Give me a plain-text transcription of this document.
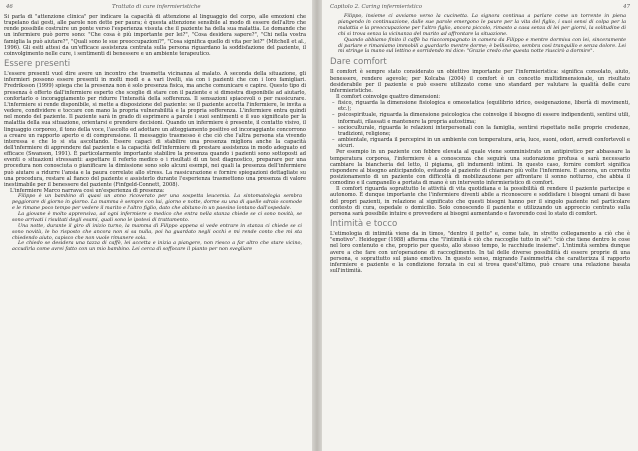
46	Trattato di cure infermieristiche

Si parla di "attenzione clinica" per indicare la capacità di attenzione al linguaggio del corpo, alle emozioni che trapelano dai gesti, alle parole non dette per paura; è questa attenzione sensibile al modo di essere dell'altro che rende possibile costruire un ponte verso l'esperienza vissuta che il paziente ha della sua malattia. Le domande che un infermiere può porre sono: "Che cosa è più importante per lei?", "Cosa desidera sapere?", "Chi nella vostra famiglia la può aiutare?", "Quali sono le sue preoccupazioni?", "Cosa significa quello di vita per lei?" (Mitchell et al., 1996). Gli esiti attesi da un'efficace assistenza centrata sulla persona riguardano la soddisfazione del paziente, il coinvolgimento nelle cure, i sentimenti di benessere e un ambiente terapeutico.

Essere presenti

L'essere presenti vuol dire avere un incontro che trasmetta vicinanza al malato. A seconda della situazione, gli infermieri possono essere presenti in molti modi e a vari livelli, sia con i pazienti che con i loro famigliari. Fredriksson (1999) spiega che la presenza non è solo presenza fisica, ma anche comunicare e capire. Questo tipo di presenza è offerto dall'infermiere esperto che sceglie di stare con il paziente e si dimostra disponibile ad aiutarlo, confortarlo o incoraggiamento per ridurre l'intensità della sofferenza. Il sensazioni spiacevoli o per rassicurare. L'infermiere si rende disponibile, si mette a disposizione del paziente: se il paziente accetta l'infermiere, le invita a vedere, condividere e toccare con mano la propria vulnerabilità e la propria sofferenza. L'infermiere entra quindi nel mondo del paziente. Il paziente sarà in grado di esprimere a parole i suoi sentimenti e il suo significato per la malattia della sua situazione, orientarsi e prendere decisioni. Quando un infermiere è presente, il contatto visivo, il linguaggio corporeo, il tono della voce, l'ascolto ed adottare un atteggiamento positivo ed incoraggiante concorrono a creare un rapporto aperto e di comprensione. Il messaggio trasmesso è che ciò che l'altra persona sta vivendo interessa e che lo si sta ascoltando. Essere capaci di stabilire una presenza migliora anche la capacità dell'infermiere di apprendere dal paziente e la capacità dell'infermiere di prestare assistenza in modo adeguato ed efficace (Swanson, 1991). È particolarmente importante stabilire la presenza quando i pazienti sono sottoposti ad eventi o situazioni stressanti: aspettare il referto medico o i risultati di un test diagnostico, preparare per una procedura non conosciuta o pianificare la dimissione sono solo alcuni esempi, nei quali la presenza dell'infermiere può aiutare a ridurre l'ansia e la paura correlate allo stress. La rassicurazione e fornire spiegazioni dettagliate su una procedura, restare al fianco del paziente e assisterlo durante l'esperienza trasmettono una presenza di valore inestimabile per il benessere del paziente (Finfgeld-Connett, 2008).

L'infermiere Marco narrava così un'esperienza di presenza:

Filippo è un bambino di quasi un anno ricoverato per una sospetta leucemia. La sintomatologia sembra peggiorare di giorno in giorno. La mamma è sempre con lui, giorno e notte, dorme su una di quelle sdraio scomode e le rimane poco tempo per vedere il marito e l'altro figlio, dato che abitano in un paesino lontano dall'ospedale.

La giovane è molto apprensiva, ad ogni infermiere o medico che entra nella stanza chiede se ci sono novità, se sono arrivati i risultati degli esami, quali sono le ipotesi di trattamento.

Una notte, durante il giro di inizio turno, la mamma di Filippo appena si vede entrare in stanza ci chiede se ci sono novità, le ho risposto che ancora non si sa nulla, poi ha guardato negli occhi e mi rende conto che mi sta chiedendo aiuto, capisco che non vuole rimanere sola.

Le chiedo se desidera una tazza di caffè, lei accetta e inizia a piangere, non riesco a far altro che stare vicino, accudirla come avrei fatto con un mio bambino. Lei cerca di soffocare il pianto per non svegliare

Capitolo 2. Caring infermieristico	47

Filippo, insieme ci avviamo verso la cucinetta. La signora continua a parlare come un torrente in piena piangendo in continuazione, dalle sue parole emergono le paure per la vita del figlio, i suoi sensi di colpa per la malattia e la preoccupazione per l'altro figlio, ancora piccolo, rimasto a casa senza di lei per giorni, la solitudine di chi si trova senza la vicinanza del marito ad affrontare la situazione.

Quando abbiamo finito il caffè ha riaccompagnato in camera da Filippo e mentre dormiva con lei, sinceramente di parlare e rimaniamo immobili a guardarlo mentre dorme; è bellissimo, sembra così tranquillo e senza dolore. Lei mi stringe la mano sul lettino e sorridendo mi dice: "Grazie credo che questa notte riuscirò a dormire".

Dare comfort

Il comfort è sempre stato considerato un obiettivo importante per l'infermieristica: significa consolato, aiuto, benessere, rendere agevole; per Kolcaba (2004) il comfort è un concetto multidimensionale, un risultato desiderabile per il paziente e può essere utilizzato come uno standard per valutare la qualità delle cure infermieristiche.

Il comfort coinvolge quattro dimensioni:

– fisico, riguarda la dimensione fisiologica e omeostatica (equilibrio idrico, ossigenazione, libertà di movimenti, etc.);
– psicospirituale, riguarda la dimensione psicologica che coinvolge il bisogno di essere indipendenti, sentirsi utili, informati, rilassati e mantenere la propria autostima;
– socioculturale, riguarda le relazioni interpersonali con la famiglia, sentirsi rispettato nelle proprie credenze, tradizioni, religione;
– ambientale, riguarda il percepirsi in un ambiente con temperatura, aria, luce, suoni, odori, arredi confortevoli e sicuri.

Per esempio in un paziente con febbre elevata al quale viene somministrato un antipiretico per abbassare la temperatura corporea, l'infermiere è a conoscenza che seguirà una sudorazione profusa e sarà necessario cambiare la biancheria del letto, il pigiama, gli indumenti intimi. In questo caso, fornire comfort significa rispondere al bisogno anticipandolo, evitando al paziente di chiamare più volte l'infermiere. E ancora, un corretto posizionamento di un paziente con difficoltà di mobilizzazione per affrontare il sonno notturno, che abbia il comodino e il campanello a portata di mano è un intervento infermieristico di comfort.

Il comfort riguarda soprattutto le attività di vita quotidiana e la possibilità di rendere il paziente partecipe e autonomo. È dunque importante che l'infermiere diventi abile a riconoscere e soddisfare i bisogni umani di base del propri pazienti, in relazione al significato che questi bisogni hanno per il singolo paziente nel particolare contesto di cura, ospedale o domicilio. Solo conoscendo il paziente e utilizzando un approccio centrato sulla persona sarà possibile intuire e provvedere ai bisogni aumentando e favorendo così lo stato di comfort.

Intimità e tocco

L'etimologia di intimità viene da in timos, "dentro il petto" e, come tale, in stretto collegamento a ciò che è "emotivo". Heidegger (1988) afferma che "l'intimità è ciò che raccoglie tutto in sé": "ciò che tiene dentro le cose nel loro contenuto e che, proprio per questo, allo stesso tempo, le racchiude insieme". L'intimità sembra dunque avere a che fare con un'operazione di raccoglimento. In tal delle diverse possibilità di essere proprie di una persona, e soprattutto sul piano emotivo. In questo senso, migrando l'asimmetria che caratterizza il rapporto infermiere e paziente e la condizione forzata in cui si trova quest'ultimo, può creare una relazione basata sull'intimità.
